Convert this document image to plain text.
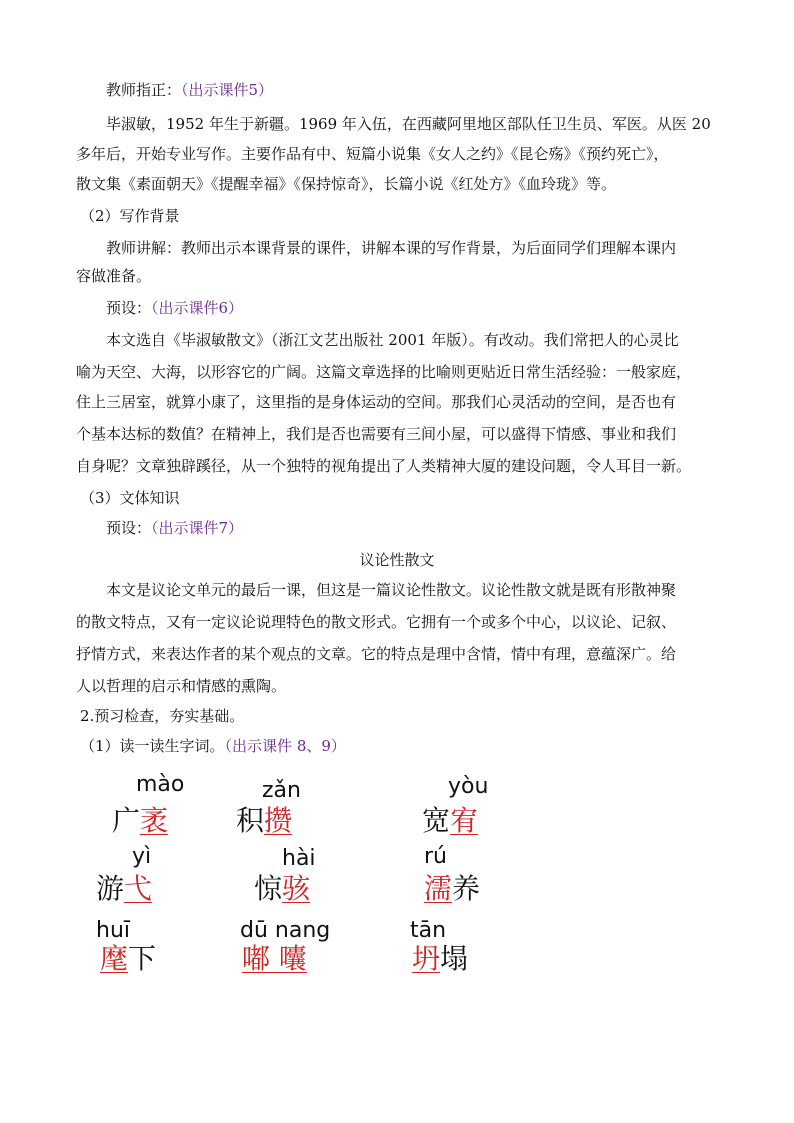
教师指正：（出示课件5）
毕淑敏，1952 年生于新疆。1969 年入伍，在西藏阿里地区部队任卫生员、军医。从医 20
多年后，开始专业写作。主要作品有中、短篇小说集《女人之约》《昆仑殇》《预约死亡》，
散文集《素面朝天》《提醒幸福》《保持惊奇》，长篇小说《红处方》《血玲珑》等。
（2）写作背景
教师讲解：教师出示本课背景的课件，讲解本课的写作背景，为后面同学们理解本课内
容做准备。
预设：（出示课件6）
本文选自《毕淑敏散文》（浙江文艺出版社 2001 年版）。有改动。我们常把人的心灵比
喻为天空、大海，以形容它的广阔。这篇文章选择的比喻则更贴近日常生活经验：一般家庭，
住上三居室，就算小康了，这里指的是身体运动的空间。那我们心灵活动的空间，是否也有
个基本达标的数值？在精神上，我们是否也需要有三间小屋，可以盛得下情感、事业和我们
自身呢？文章独辟蹊径，从一个独特的视角提出了人类精神大厦的建设问题，令人耳目一新。
（3）文体知识
预设：（出示课件7）
议论性散文
本文是议论文单元的最后一课，但这是一篇议论性散文。议论性散文就是既有形散神聚
的散文特点，又有一定议论说理特色的散文形式。它拥有一个或多个中心，以议论、记叙、
抒情方式，来表达作者的某个观点的文章。它的特点是理中含情，情中有理，意蕴深广。给
人以哲理的启示和情感的熏陶。
2.预习检查，夯实基础。
（1）读一读生字词。（出示课件 8、9）
mào
广袤
zǎn
积攒
yòu
宽宥
yì
游弋
hài
惊骇
rú
濡养
huī
麾下
dū nang
嘟 囔
tān
坍塌
